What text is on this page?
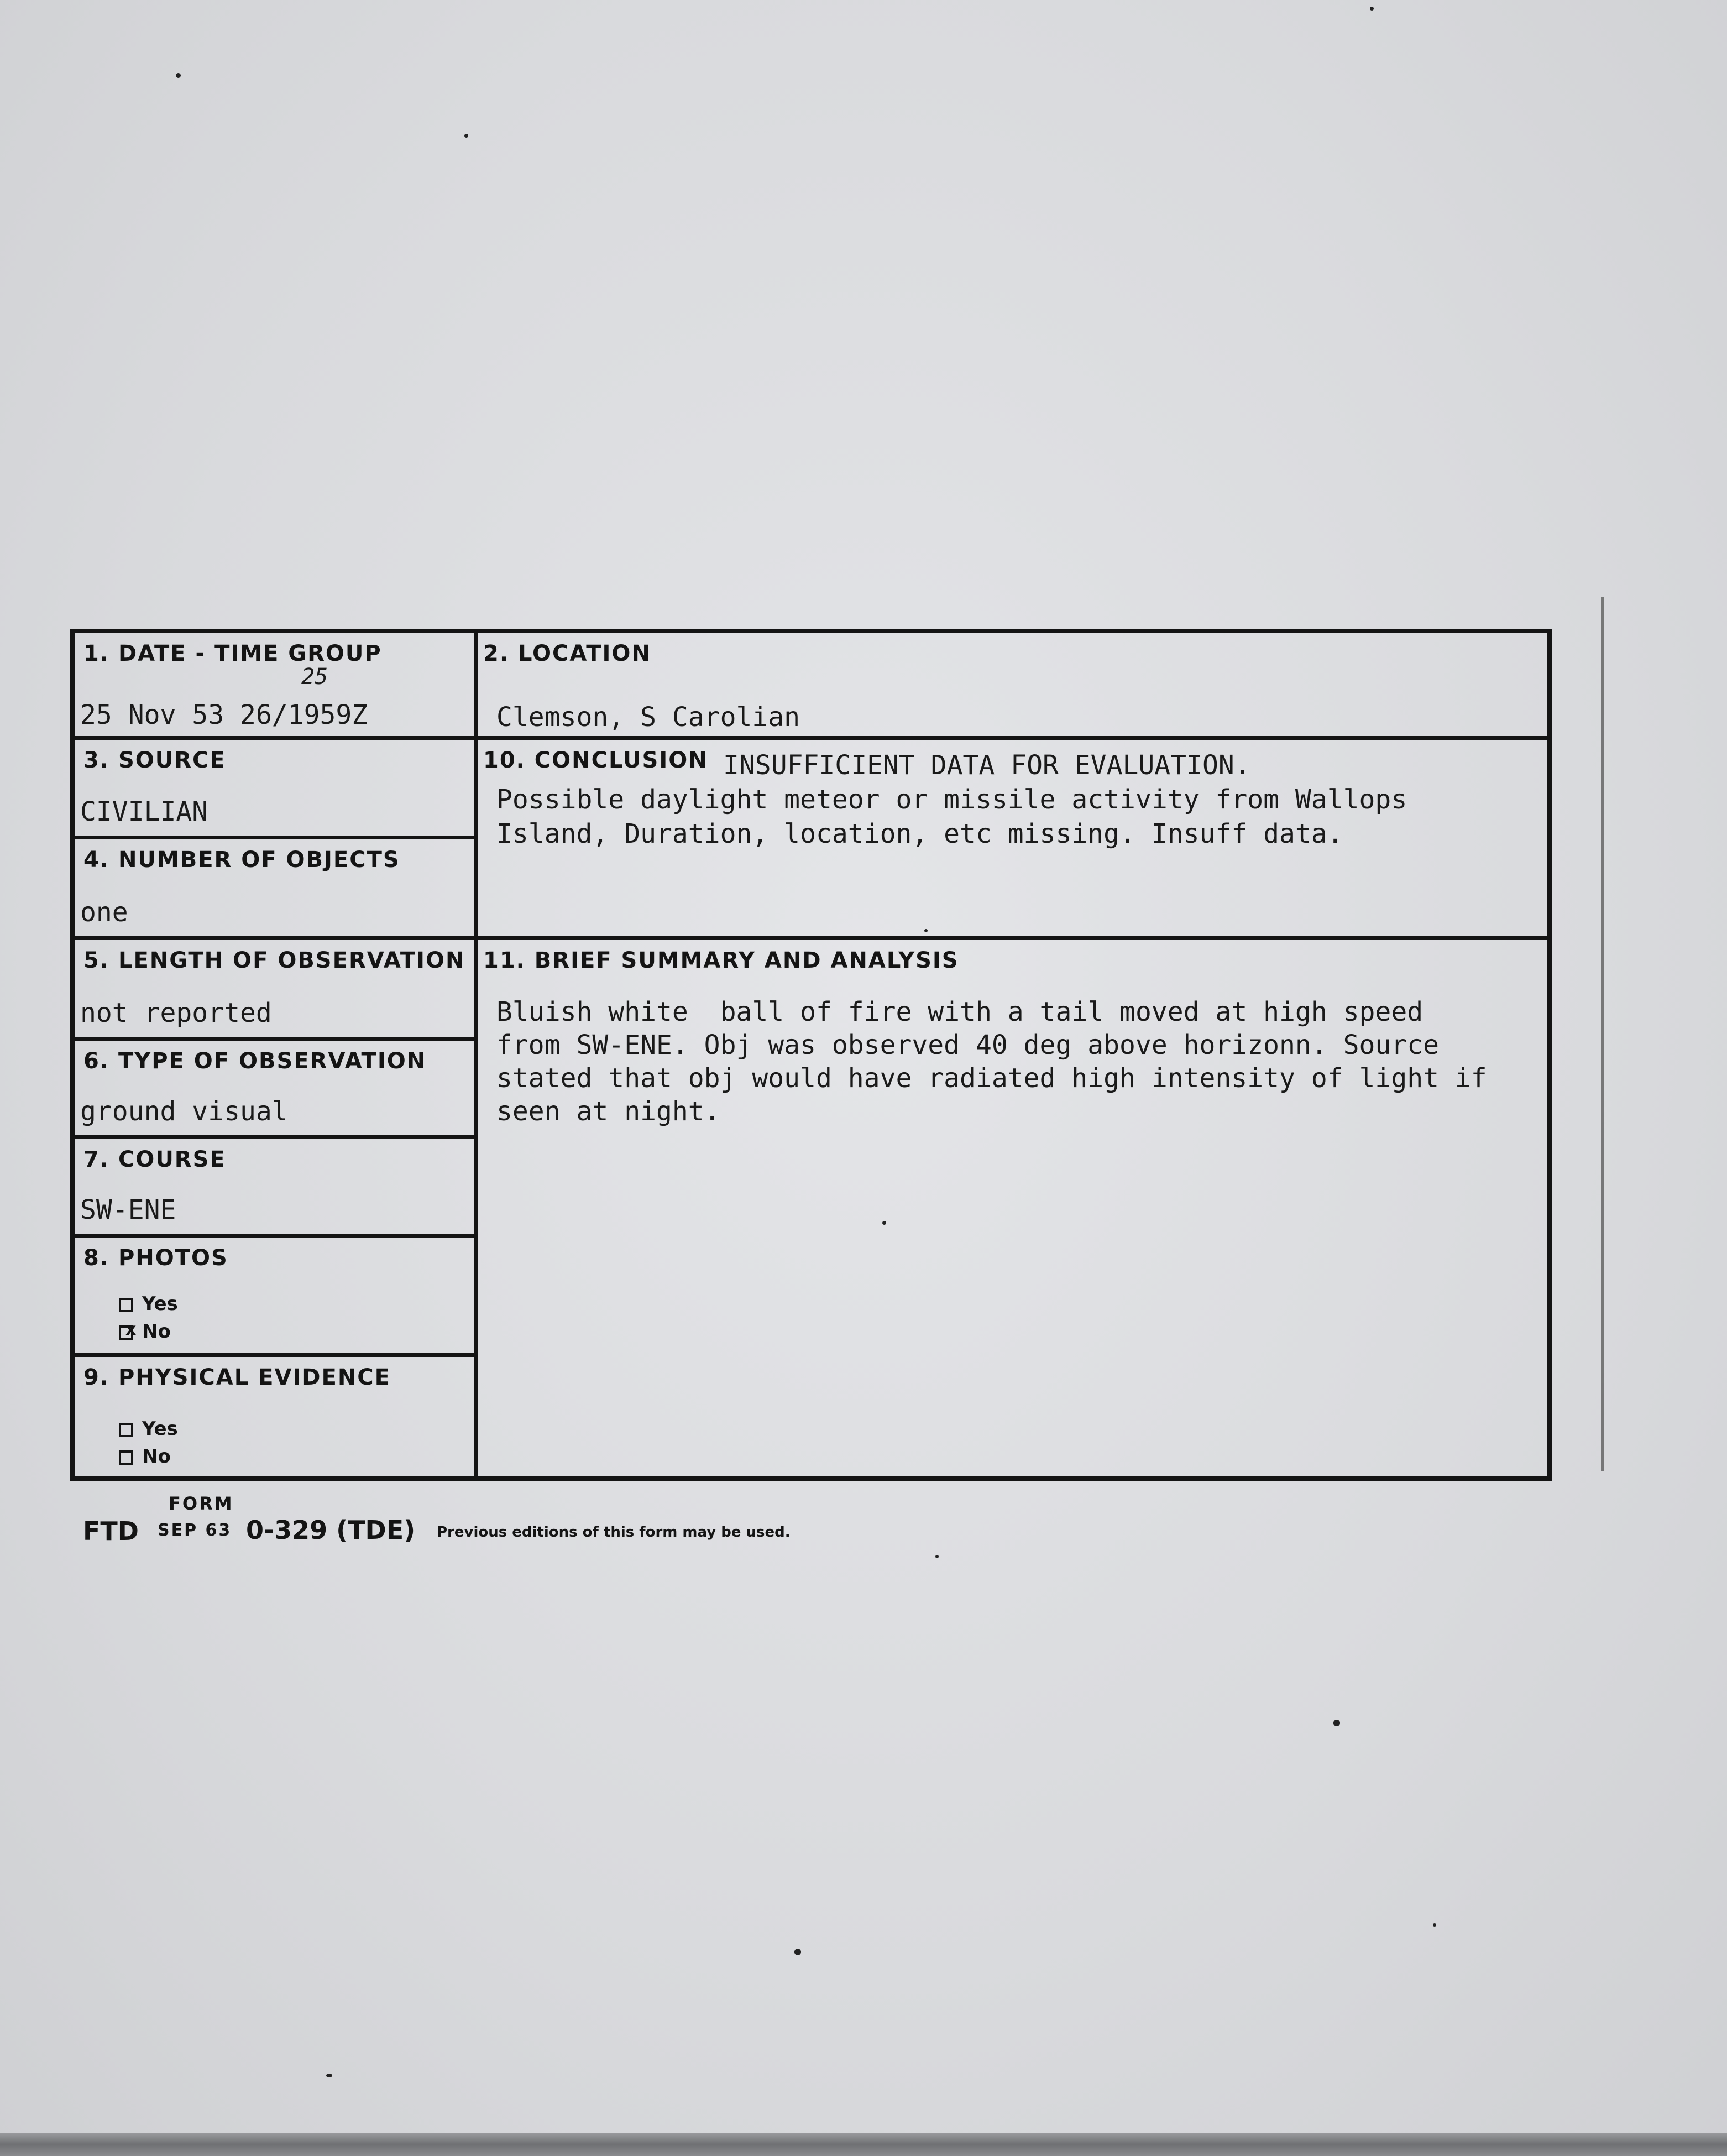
1. DATE - TIME GROUP
25
25 Nov 53 26/1959Z
3. SOURCE
CIVILIAN
4. NUMBER OF OBJECTS
one
5. LENGTH OF OBSERVATION
not reported
6. TYPE OF OBSERVATION
ground visual
7. COURSE
SW-ENE
8. PHOTOS
Yes
x No
9. PHYSICAL EVIDENCE
Yes
No
2. LOCATION
Clemson, S Carolian
10. CONCLUSION INSUFFICIENT DATA FOR EVALUATION.
Possible daylight meteor or missile activity from Wallops
Island, Duration, location, etc missing. Insuff data.
11. BRIEF SUMMARY AND ANALYSIS
Bluish white  ball of fire with a tail moved at high speed
from SW-ENE. Obj was observed 40 deg above horizonn. Source
stated that obj would have radiated high intensity of light if
seen at night.
FTD
FORM
SEP 63 0-329 (TDE) Previous editions of this form may be used.
